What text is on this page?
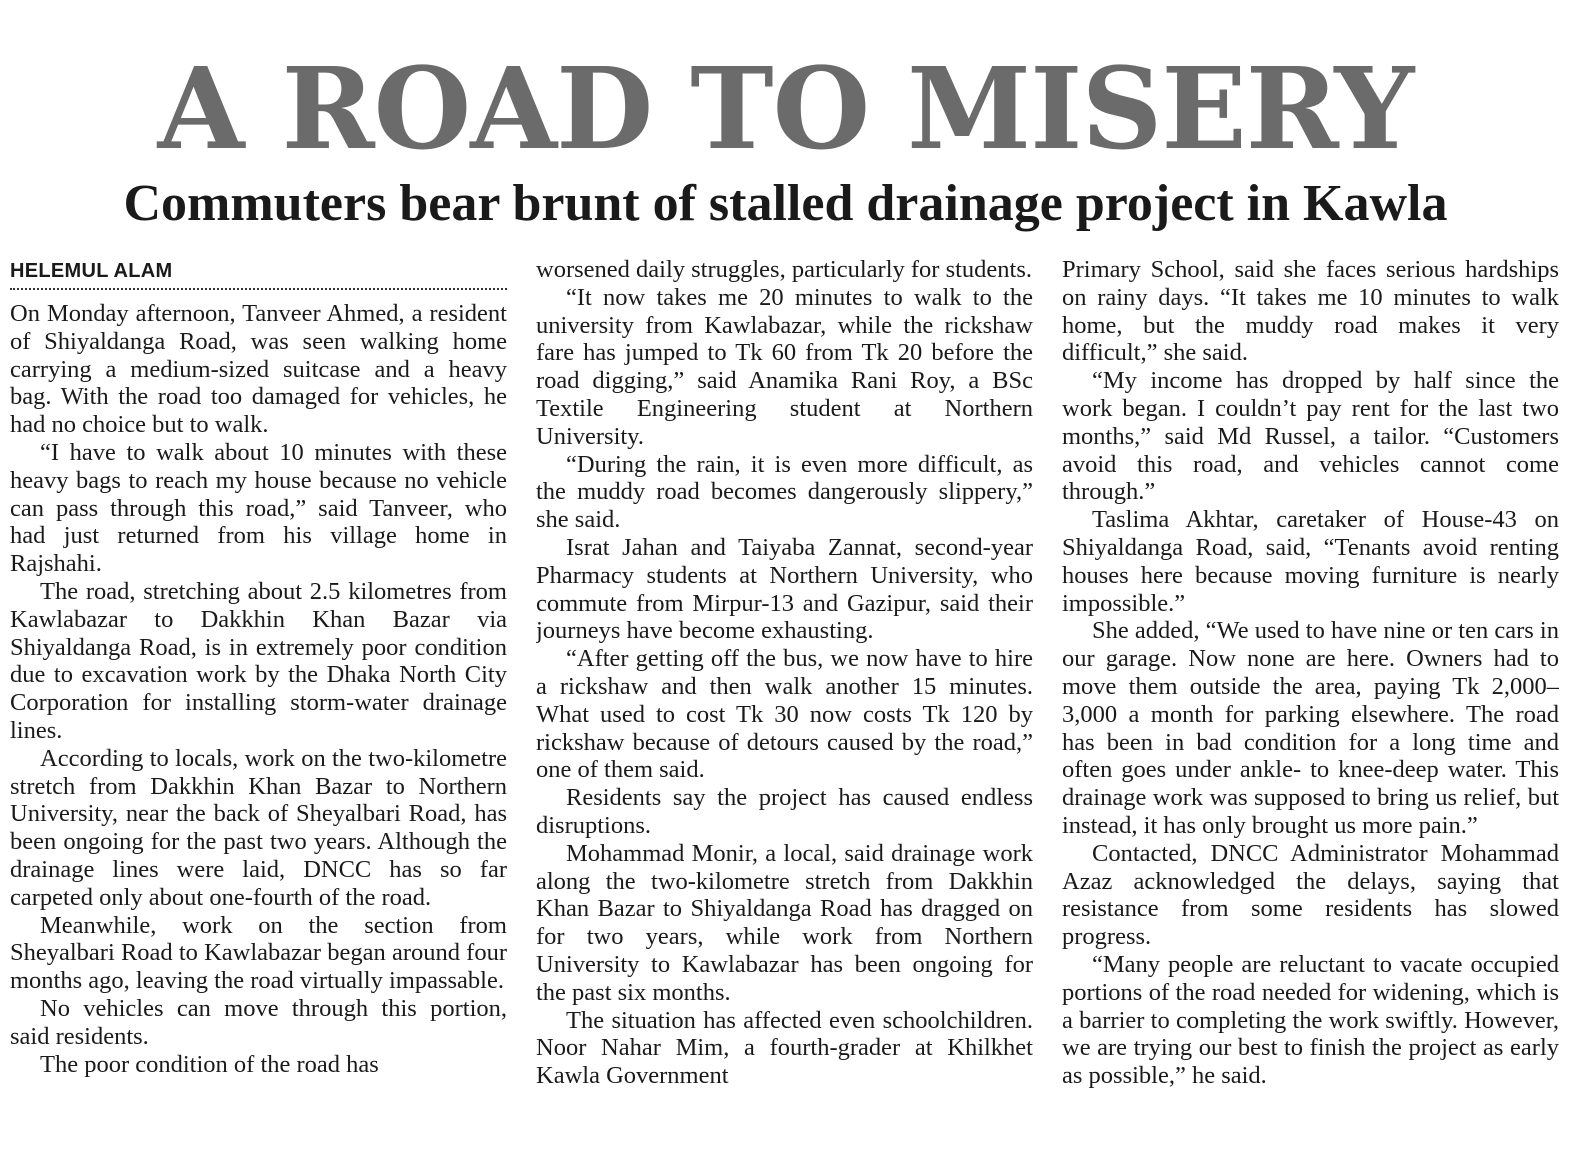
A ROAD TO MISERY
Commuters bear brunt of stalled drainage project in Kawla
HELEMUL ALAM

On Monday afternoon, Tanveer Ahmed, a resident of Shiyaldanga Road, was seen walking home carrying a medium-sized suitcase and a heavy bag. With the road too damaged for vehicles, he had no choice but to walk.

“I have to walk about 10 minutes with these heavy bags to reach my house because no vehicle can pass through this road,” said Tanveer, who had just returned from his village home in Rajshahi.

The road, stretching about 2.5 kilometres from Kawlabazar to Dakkhin Khan Bazar via Shiyaldanga Road, is in extremely poor condition due to excavation work by the Dhaka North City Corporation for installing storm-water drainage lines.

According to locals, work on the two-kilometre stretch from Dakkhin Khan Bazar to Northern University, near the back of Sheyalbari Road, has been ongoing for the past two years. Although the drainage lines were laid, DNCC has so far carpeted only about one-fourth of the road.

Meanwhile, work on the section from Sheyalbari Road to Kawlabazar began around four months ago, leaving the road virtually impassable.

No vehicles can move through this portion, said residents.

The poor condition of the road has

worsened daily struggles, particularly for students.

“It now takes me 20 minutes to walk to the university from Kawlabazar, while the rickshaw fare has jumped to Tk 60 from Tk 20 before the road digging,” said Anamika Rani Roy, a BSc Textile Engineering student at Northern University.

“During the rain, it is even more difficult, as the muddy road becomes dangerously slippery,” she said.

Israt Jahan and Taiyaba Zannat, second-year Pharmacy students at Northern University, who commute from Mirpur-13 and Gazipur, said their journeys have become exhausting.

“After getting off the bus, we now have to hire a rickshaw and then walk another 15 minutes. What used to cost Tk 30 now costs Tk 120 by rickshaw because of detours caused by the road,” one of them said.

Residents say the project has caused endless disruptions.

Mohammad Monir, a local, said drainage work along the two-kilometre stretch from Dakkhin Khan Bazar to Shiyaldanga Road has dragged on for two years, while work from Northern University to Kawlabazar has been ongoing for the past six months.

The situation has affected even schoolchildren. Noor Nahar Mim, a fourth-grader at Khilkhet Kawla Government

Primary School, said she faces serious hardships on rainy days. “It takes me 10 minutes to walk home, but the muddy road makes it very difficult,” she said.

“My income has dropped by half since the work began. I couldn’t pay rent for the last two months,” said Md Russel, a tailor. “Customers avoid this road, and vehicles cannot come through.”

Taslima Akhtar, caretaker of House-43 on Shiyaldanga Road, said, “Tenants avoid renting houses here because moving furniture is nearly impossible.”

She added, “We used to have nine or ten cars in our garage. Now none are here. Owners had to move them outside the area, paying Tk 2,000–3,000 a month for parking elsewhere. The road has been in bad condition for a long time and often goes under ankle- to knee-deep water. This drainage work was supposed to bring us relief, but instead, it has only brought us more pain.”

Contacted, DNCC Administrator Mohammad Azaz acknowledged the delays, saying that resistance from some residents has slowed progress.

“Many people are reluctant to vacate occupied portions of the road needed for widening, which is a barrier to completing the work swiftly. However, we are trying our best to finish the project as early as possible,” he said.
